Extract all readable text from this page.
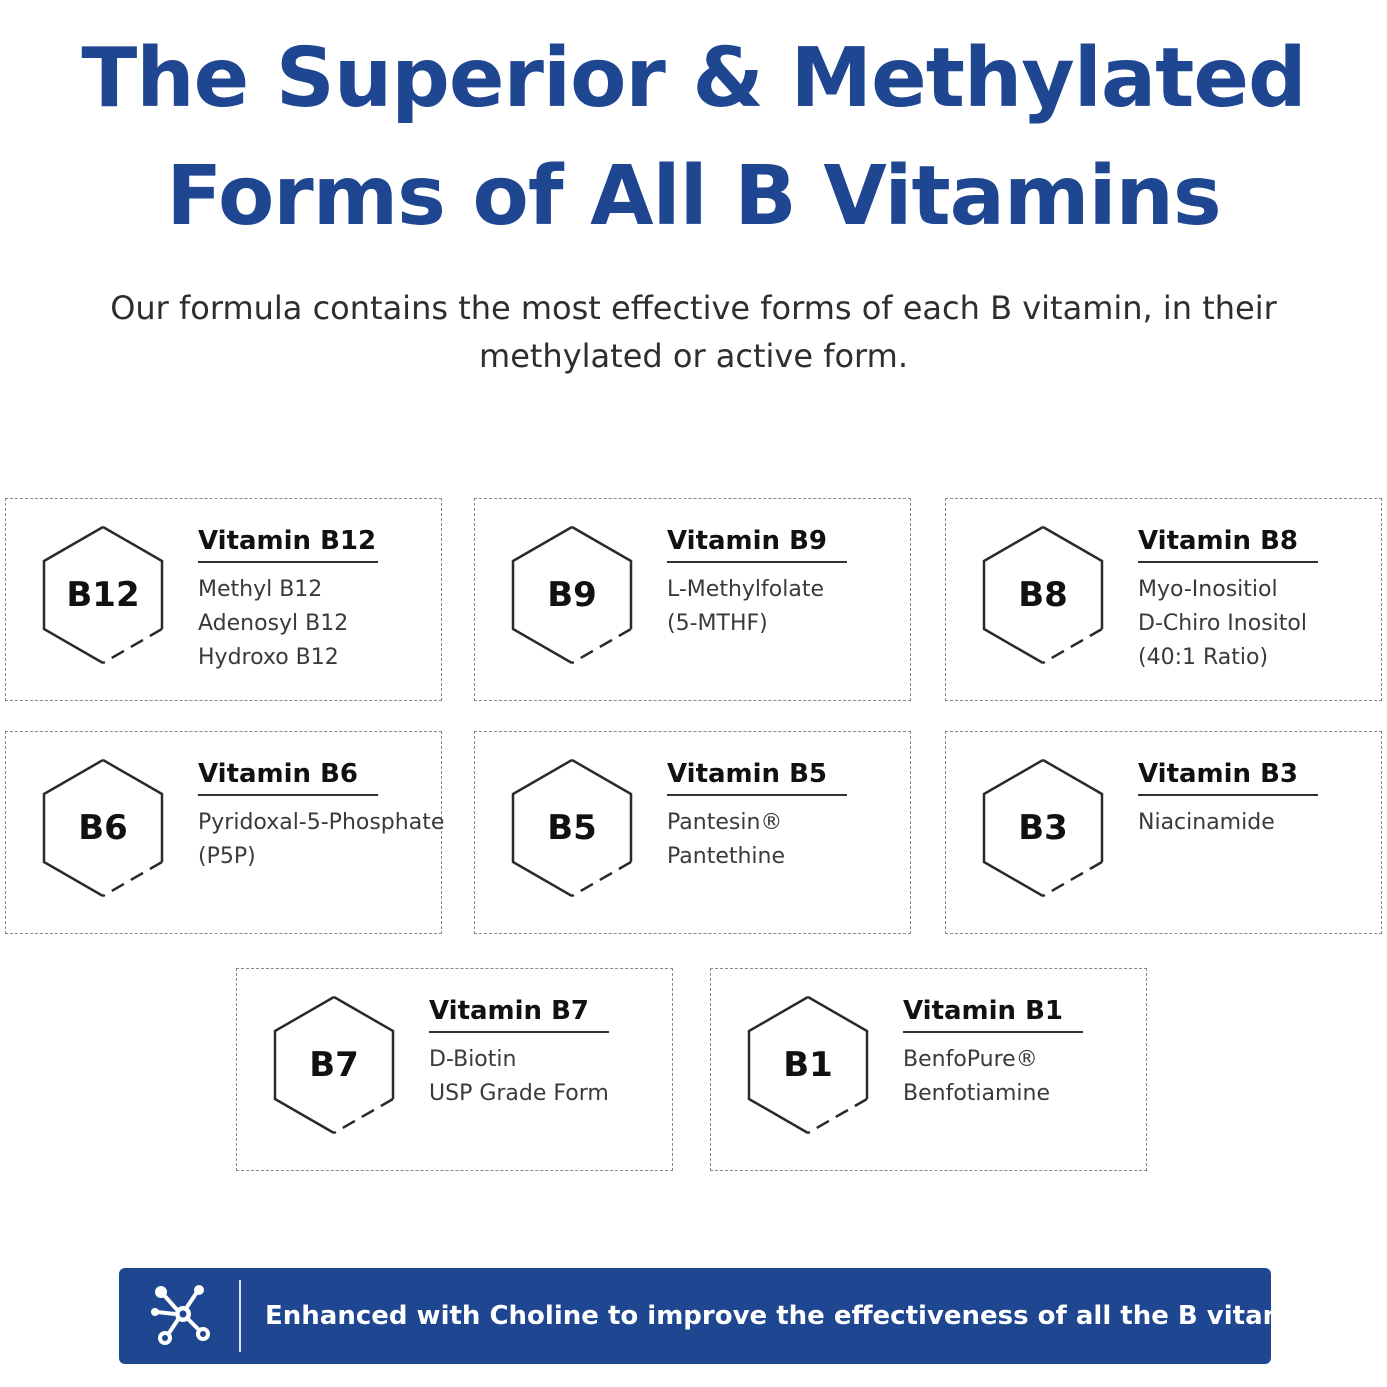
The Superior & Methylated
Forms of All B Vitamins

Our formula contains the most effective forms of each B vitamin, in their methylated or active form.

B12
Vitamin B12
Methyl B12
Adenosyl B12
Hydroxo B12
B9
Vitamin B9
L-Methylfolate
(5-MTHF)
B8
Vitamin B8
Myo-Inositiol
D-Chiro Inositol
(40:1 Ratio)
B6
Vitamin B6
Pyridoxal-5-Phosphate
(P5P)
B5
Vitamin B5
Pantesin®
Pantethine
B3
Vitamin B3
Niacinamide
B7
Vitamin B7
D-Biotin
USP Grade Form
B1
Vitamin B1
BenfoPure®
Benfotiamine
Enhanced with Choline to improve the effectiveness of all the B vitamins.
